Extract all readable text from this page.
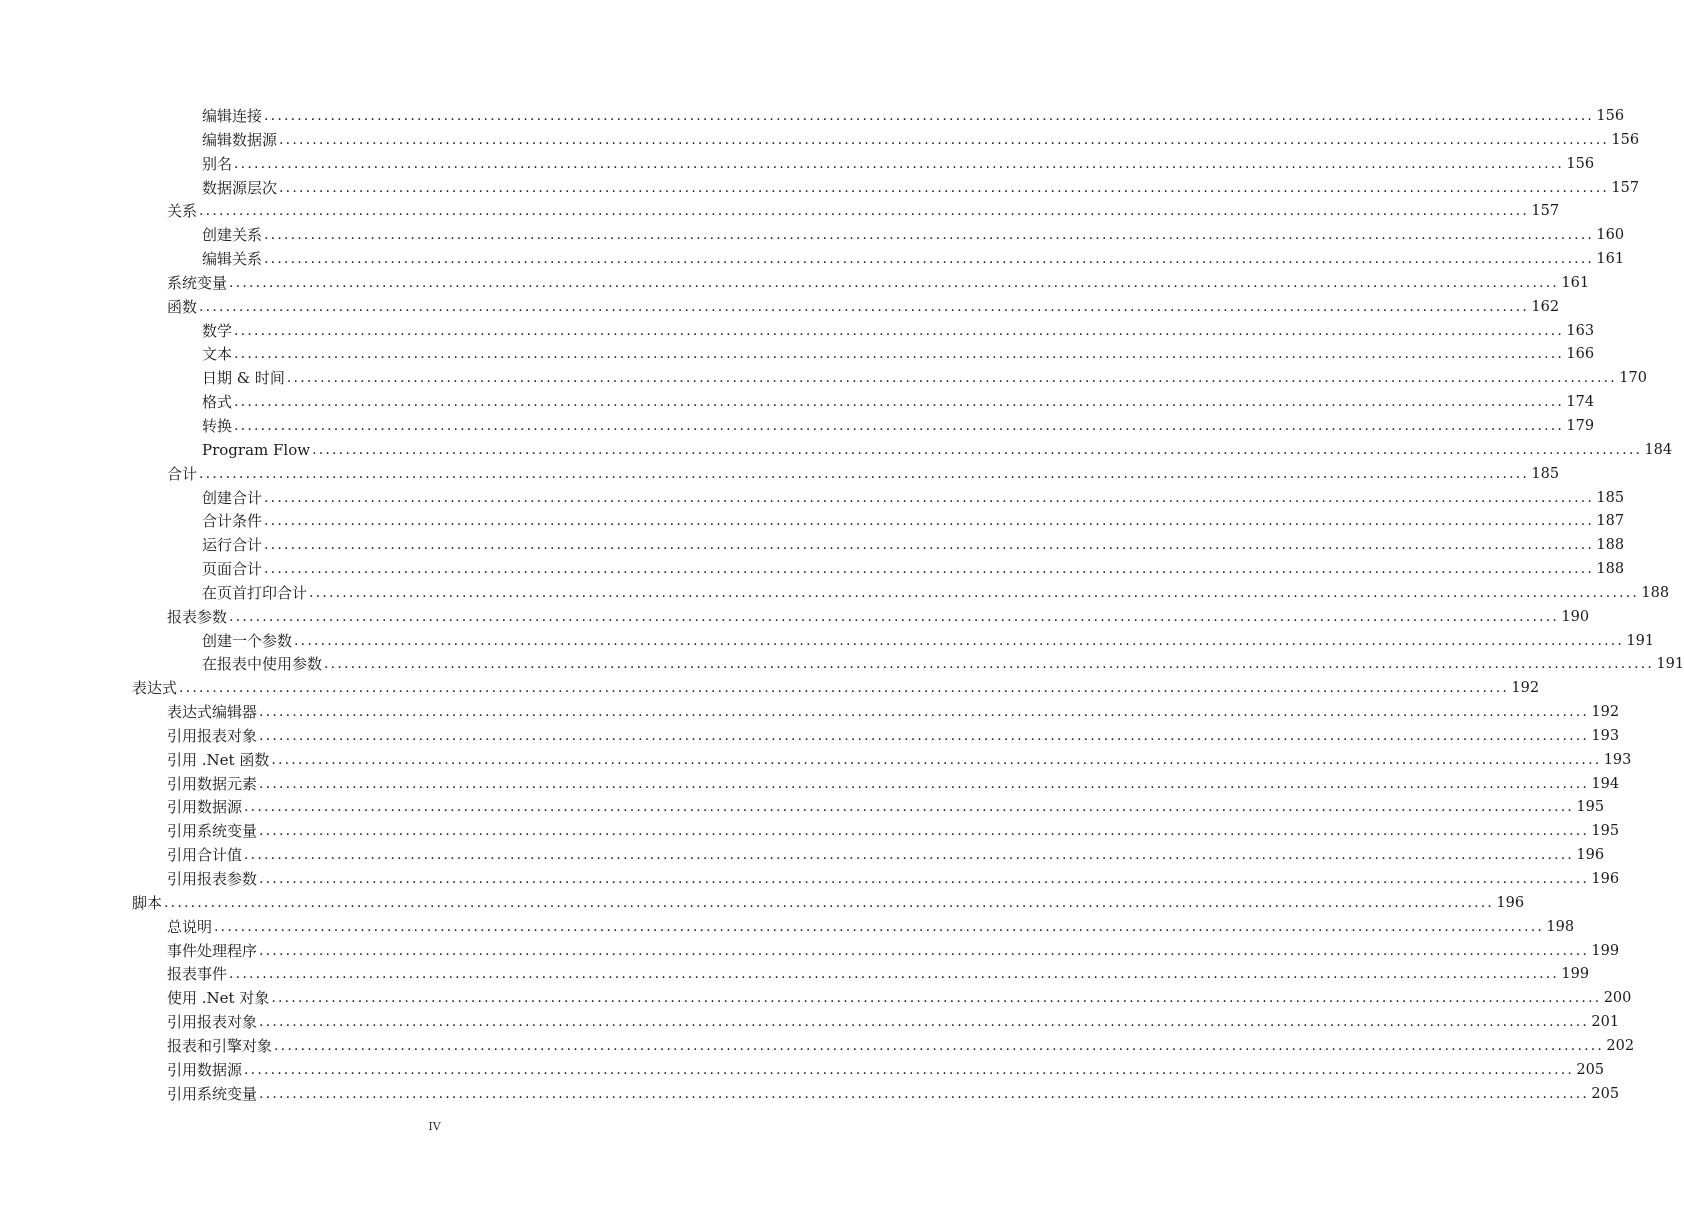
编辑连接 ........................................................................................................................................................................................................ 156
编辑数据源 ........................................................................................................................................................................................................ 156
别名 ........................................................................................................................................................................................................ 156
数据源层次 ........................................................................................................................................................................................................ 157
关系 ........................................................................................................................................................................................................ 157
创建关系 ........................................................................................................................................................................................................ 160
编辑关系 ........................................................................................................................................................................................................ 161
系统变量 ........................................................................................................................................................................................................ 161
函数 ........................................................................................................................................................................................................ 162
数学 ........................................................................................................................................................................................................ 163
文本 ........................................................................................................................................................................................................ 166
日期 & 时间 ........................................................................................................................................................................................................ 170
格式 ........................................................................................................................................................................................................ 174
转换 ........................................................................................................................................................................................................ 179
Program Flow ........................................................................................................................................................................................................ 184
合计 ........................................................................................................................................................................................................ 185
创建合计 ........................................................................................................................................................................................................ 185
合计条件 ........................................................................................................................................................................................................ 187
运行合计 ........................................................................................................................................................................................................ 188
页面合计 ........................................................................................................................................................................................................ 188
在页首打印合计 ........................................................................................................................................................................................................ 188
报表参数 ........................................................................................................................................................................................................ 190
创建一个参数 ........................................................................................................................................................................................................ 191
在报表中使用参数 ........................................................................................................................................................................................................ 191
表达式 ........................................................................................................................................................................................................ 192
表达式编辑器 ........................................................................................................................................................................................................ 192
引用报表对象 ........................................................................................................................................................................................................ 193
引用 .Net 函数 ........................................................................................................................................................................................................ 193
引用数据元素 ........................................................................................................................................................................................................ 194
引用数据源 ........................................................................................................................................................................................................ 195
引用系统变量 ........................................................................................................................................................................................................ 195
引用合计值 ........................................................................................................................................................................................................ 196
引用报表参数 ........................................................................................................................................................................................................ 196
脚本 ........................................................................................................................................................................................................ 196
总说明 ........................................................................................................................................................................................................ 198
事件处理程序 ........................................................................................................................................................................................................ 199
报表事件 ........................................................................................................................................................................................................ 199
使用 .Net 对象 ........................................................................................................................................................................................................ 200
引用报表对象 ........................................................................................................................................................................................................ 201
报表和引擎对象 ........................................................................................................................................................................................................ 202
引用数据源 ........................................................................................................................................................................................................ 205
引用系统变量 ........................................................................................................................................................................................................ 205
IV
